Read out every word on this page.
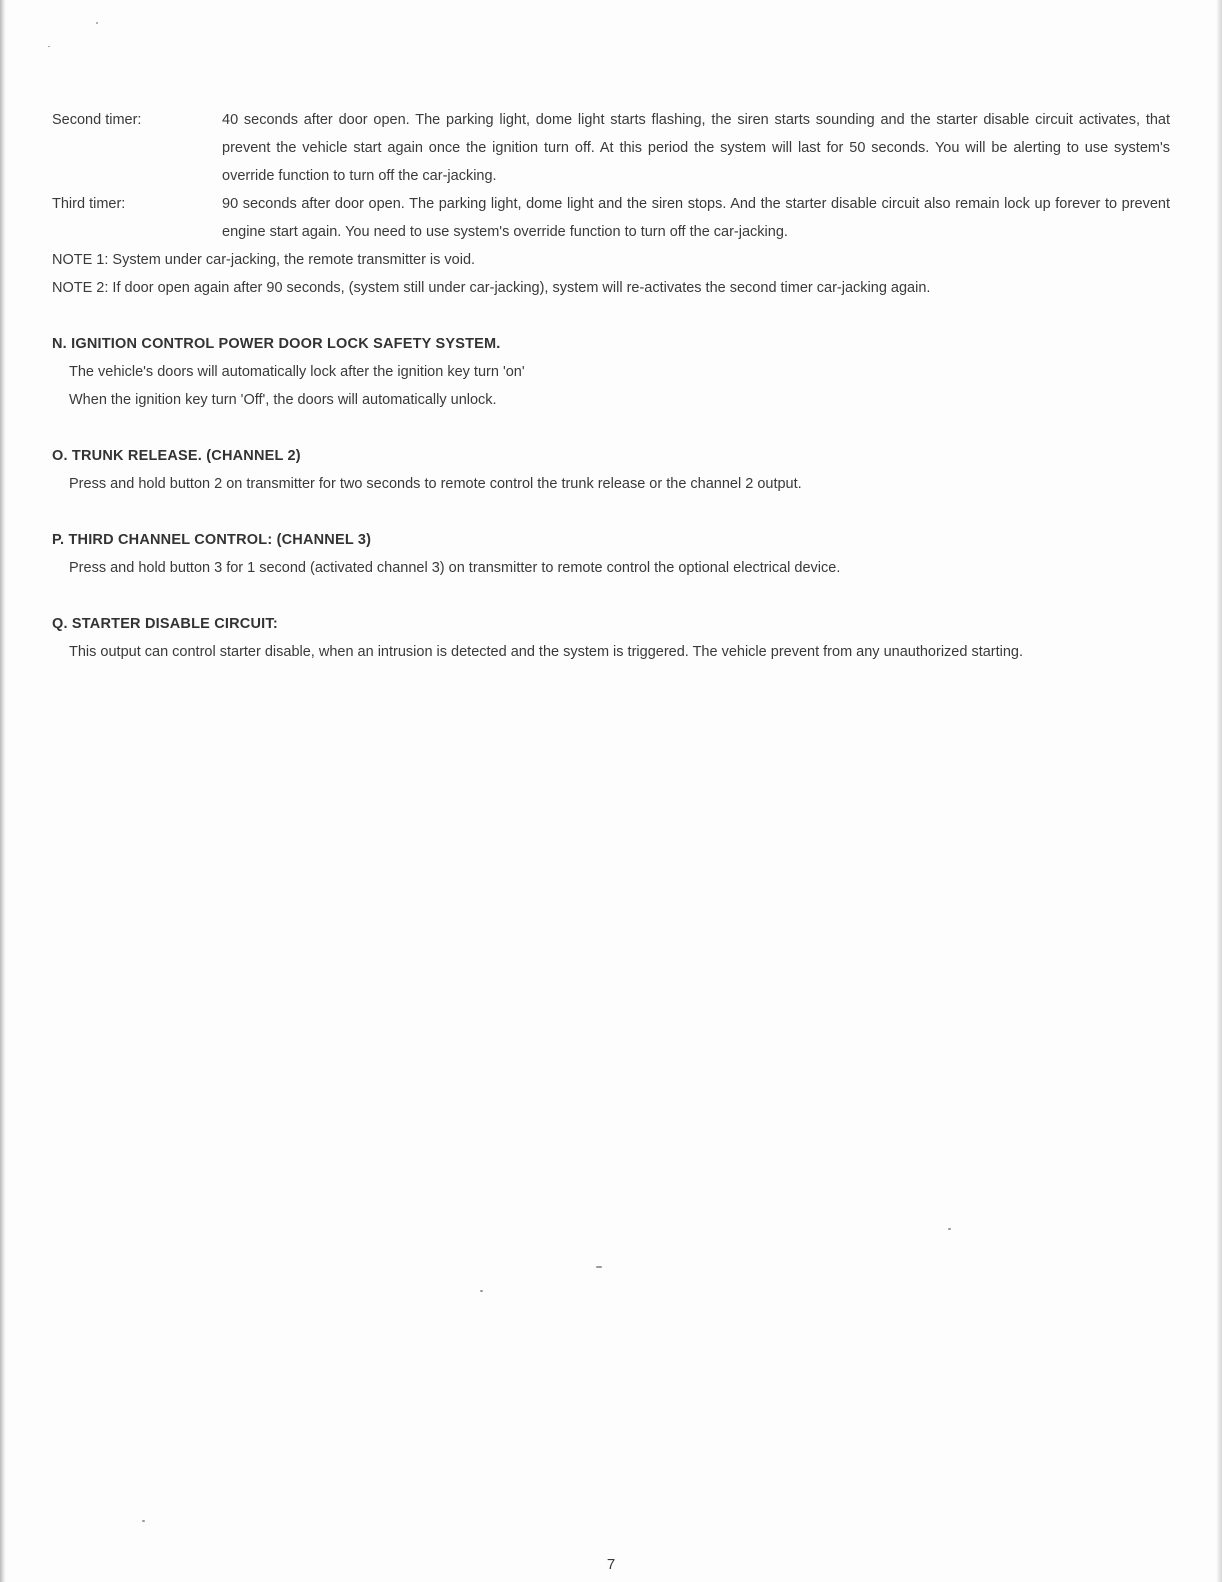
Second timer:	40 seconds after door open. The parking light, dome light starts flashing, the siren starts sounding and the starter disable circuit activates, that prevent the vehicle start again once the ignition turn off. At this period the system will last for 50 seconds. You will be alerting to use system's override function to turn off the car-jacking.
Third timer:	90 seconds after door open. The parking light, dome light and the siren stops. And the starter disable circuit also remain lock up forever to prevent engine start again. You need to use system's override function to turn off the car-jacking.
NOTE 1: System under car-jacking, the remote transmitter is void.
NOTE 2: If door open again after 90 seconds, (system still under car-jacking), system will re-activates the second timer car-jacking again.
N. IGNITION CONTROL POWER DOOR LOCK SAFETY SYSTEM.
The vehicle's doors will automatically lock after the ignition key turn 'on'
When the ignition key turn 'Off', the doors will automatically unlock.
O. TRUNK RELEASE. (CHANNEL 2)
Press and hold button 2 on transmitter for two seconds to remote control the trunk release or the channel 2 output.
P. THIRD CHANNEL CONTROL: (CHANNEL 3)
Press and hold button 3 for 1 second (activated channel 3) on transmitter to remote control the optional electrical device.
Q. STARTER DISABLE CIRCUIT:
This output can control starter disable, when an intrusion is detected and the system is triggered. The vehicle prevent from any unauthorized starting.
7
